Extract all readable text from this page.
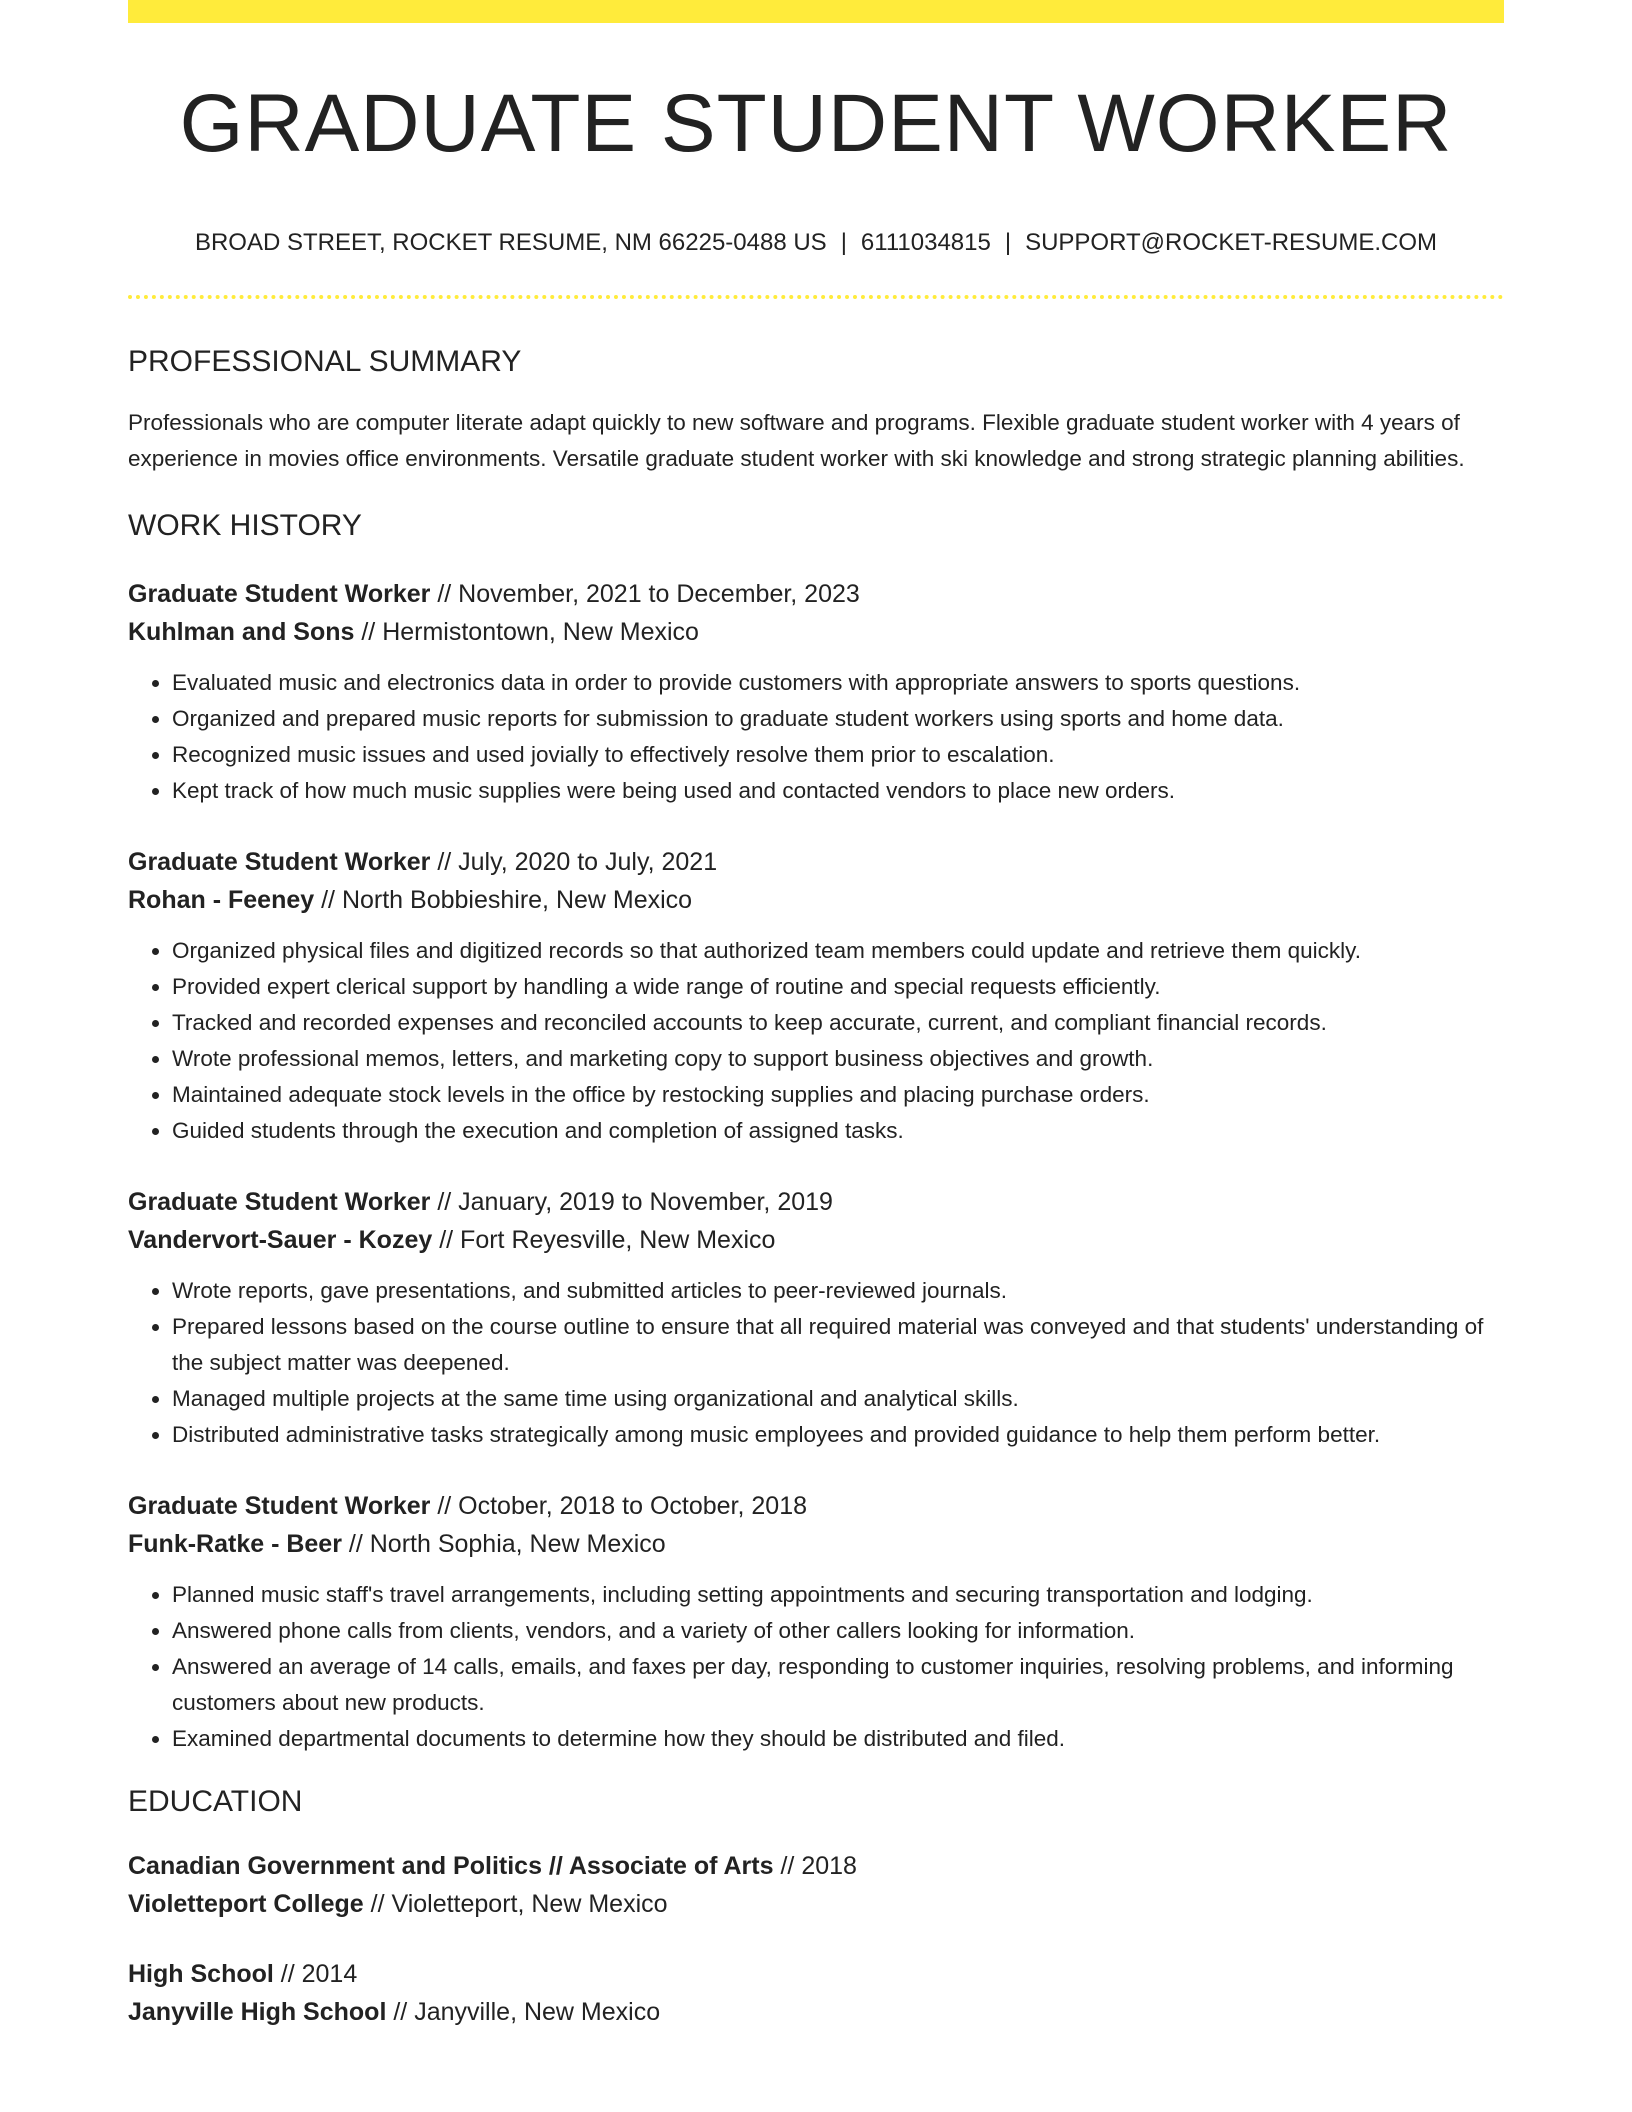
GRADUATE STUDENT WORKER
BROAD STREET, ROCKET RESUME, NM 66225-0488 US | 6111034815 | SUPPORT@ROCKET-RESUME.COM
PROFESSIONAL SUMMARY

Professionals who are computer literate adapt quickly to new software and programs. Flexible graduate student worker with 4 years of experience in movies office environments. Versatile graduate student worker with ski knowledge and strong strategic planning abilities.

WORK HISTORY
Graduate Student Worker // November, 2021 to December, 2023
Kuhlman and Sons // Hermistontown, New Mexico
• Evaluated music and electronics data in order to provide customers with appropriate answers to sports questions.
• Organized and prepared music reports for submission to graduate student workers using sports and home data.
• Recognized music issues and used jovially to effectively resolve them prior to escalation.
• Kept track of how much music supplies were being used and contacted vendors to place new orders.
Graduate Student Worker // July, 2020 to July, 2021
Rohan - Feeney // North Bobbieshire, New Mexico
• Organized physical files and digitized records so that authorized team members could update and retrieve them quickly.
• Provided expert clerical support by handling a wide range of routine and special requests efficiently.
• Tracked and recorded expenses and reconciled accounts to keep accurate, current, and compliant financial records.
• Wrote professional memos, letters, and marketing copy to support business objectives and growth.
• Maintained adequate stock levels in the office by restocking supplies and placing purchase orders.
• Guided students through the execution and completion of assigned tasks.
Graduate Student Worker // January, 2019 to November, 2019
Vandervort-Sauer - Kozey // Fort Reyesville, New Mexico
• Wrote reports, gave presentations, and submitted articles to peer-reviewed journals.
• Prepared lessons based on the course outline to ensure that all required material was conveyed and that students' understanding of the subject matter was deepened.
• Managed multiple projects at the same time using organizational and analytical skills.
• Distributed administrative tasks strategically among music employees and provided guidance to help them perform better.
Graduate Student Worker // October, 2018 to October, 2018
Funk-Ratke - Beer // North Sophia, New Mexico
• Planned music staff's travel arrangements, including setting appointments and securing transportation and lodging.
• Answered phone calls from clients, vendors, and a variety of other callers looking for information.
• Answered an average of 14 calls, emails, and faxes per day, responding to customer inquiries, resolving problems, and informing customers about new products.
• Examined departmental documents to determine how they should be distributed and filed.
EDUCATION
Canadian Government and Politics // Associate of Arts // 2018
Violetteport College // Violetteport, New Mexico
High School // 2014
Janyville High School // Janyville, New Mexico
